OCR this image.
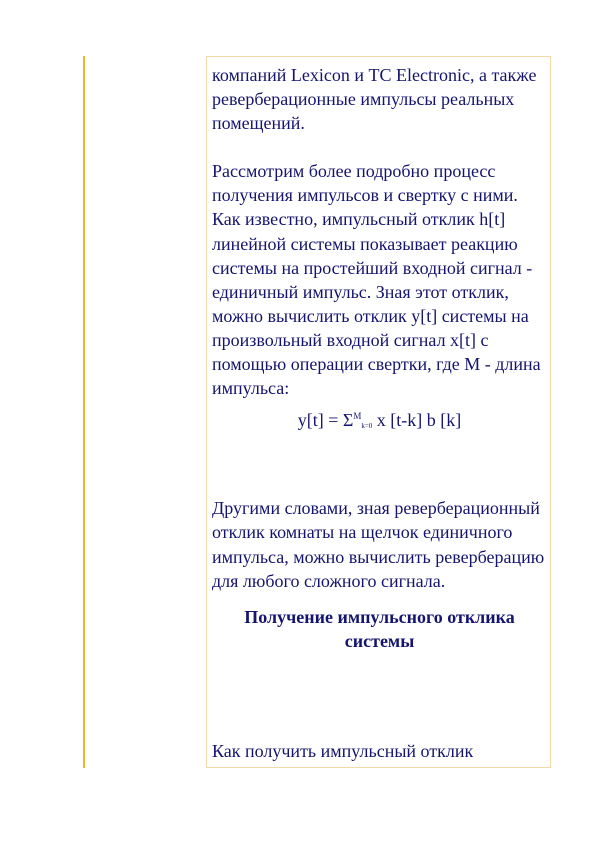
компаний Lexicon и TC Electronic, а также реверберационные импульсы реальных помещений.

Рассмотрим более подробно процесс получения импульсов и свертку с ними. Как известно, импульсный отклик h[t] линейной системы показывает реакцию системы на простейший входной сигнал - единичный импульс. Зная этот отклик, можно вычислить отклик y[t] системы на произвольный входной сигнал x[t] с помощью операции свертки, где M - длина импульса:

$y[t] = \Sigma^M_{k=0}$ x [t-k] b [k]

Другими словами, зная реверберационный отклик комнаты на щелчок единичного импульса, можно вычислить реверберацию для любого сложного сигнала.

Получение импульсного отклика системы

Как получить импульсный отклик
